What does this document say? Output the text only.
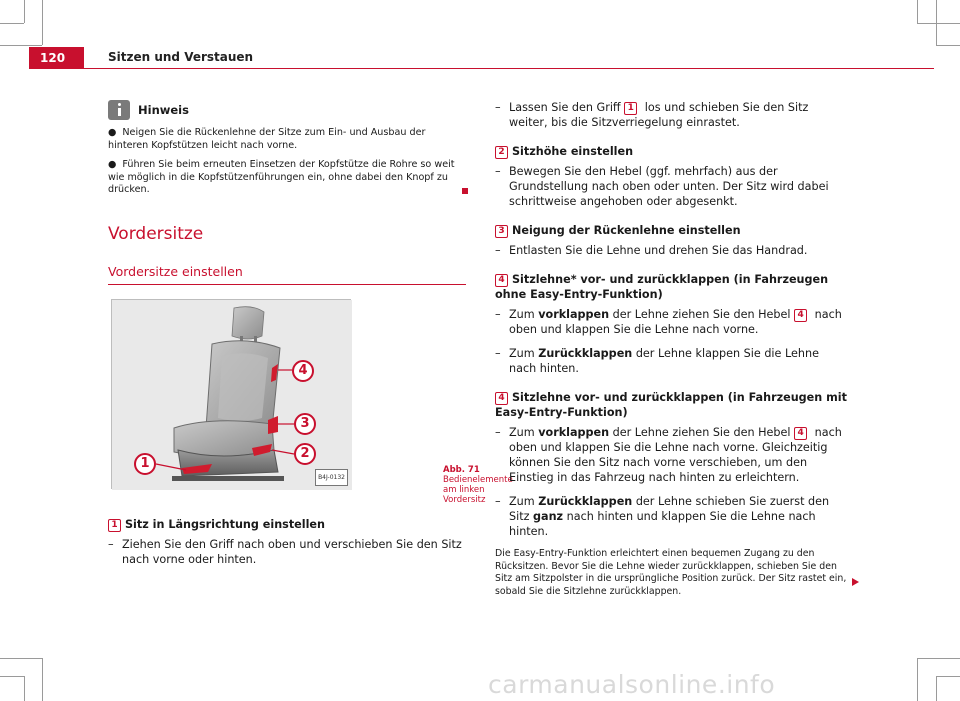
120	Sitzen und Verstauen
Hinweis
● Neigen Sie die Rückenlehne der Sitze zum Ein- und Ausbau der hinteren Kopfstützen leicht nach vorne.
● Führen Sie beim erneuten Einsetzen der Kopfstütze die Rohre so weit wie möglich in die Kopfstützenführungen ein, ohne dabei den Knopf zu drücken.
Vordersitze
Vordersitze einstellen
4
3
2
1
B4J-0132
Abb. 71 Bedienelemente am linken Vordersitz
1 Sitz in Längsrichtung einstellen
– Ziehen Sie den Griff nach oben und verschieben Sie den Sitz nach vorne oder hinten.
– Lassen Sie den Griff 1 los und schieben Sie den Sitz weiter, bis die Sitzverriegelung einrastet.
2 Sitzhöhe einstellen
– Bewegen Sie den Hebel (ggf. mehrfach) aus der Grundstellung nach oben oder unten. Der Sitz wird dabei schrittweise angehoben oder abgesenkt.
3 Neigung der Rückenlehne einstellen
– Entlasten Sie die Lehne und drehen Sie das Handrad.
4 Sitzlehne* vor- und zurückklappen (in Fahrzeugen ohne Easy-Entry-Funktion)
– Zum vorklappen der Lehne ziehen Sie den Hebel 4 nach oben und klappen Sie die Lehne nach vorne.
– Zum Zurückklappen der Lehne klappen Sie die Lehne nach hinten.
4 Sitzlehne vor- und zurückklappen (in Fahrzeugen mit Easy-Entry-Funktion)
– Zum vorklappen der Lehne ziehen Sie den Hebel 4 nach oben und klappen Sie die Lehne nach vorne. Gleichzeitig können Sie den Sitz nach vorne verschieben, um den Einstieg in das Fahrzeug nach hinten zu erleichtern.
– Zum Zurückklappen der Lehne schieben Sie zuerst den Sitz ganz nach hinten und klappen Sie die Lehne nach hinten.
Die Easy-Entry-Funktion erleichtert einen bequemen Zugang zu den Rücksitzen. Bevor Sie die Lehne wieder zurückklappen, schieben Sie den Sitz am Sitzpolster in die ursprüngliche Position zurück. Der Sitz rastet ein, sobald Sie die Sitzlehne zurückklappen.
carmanualsonline.info
